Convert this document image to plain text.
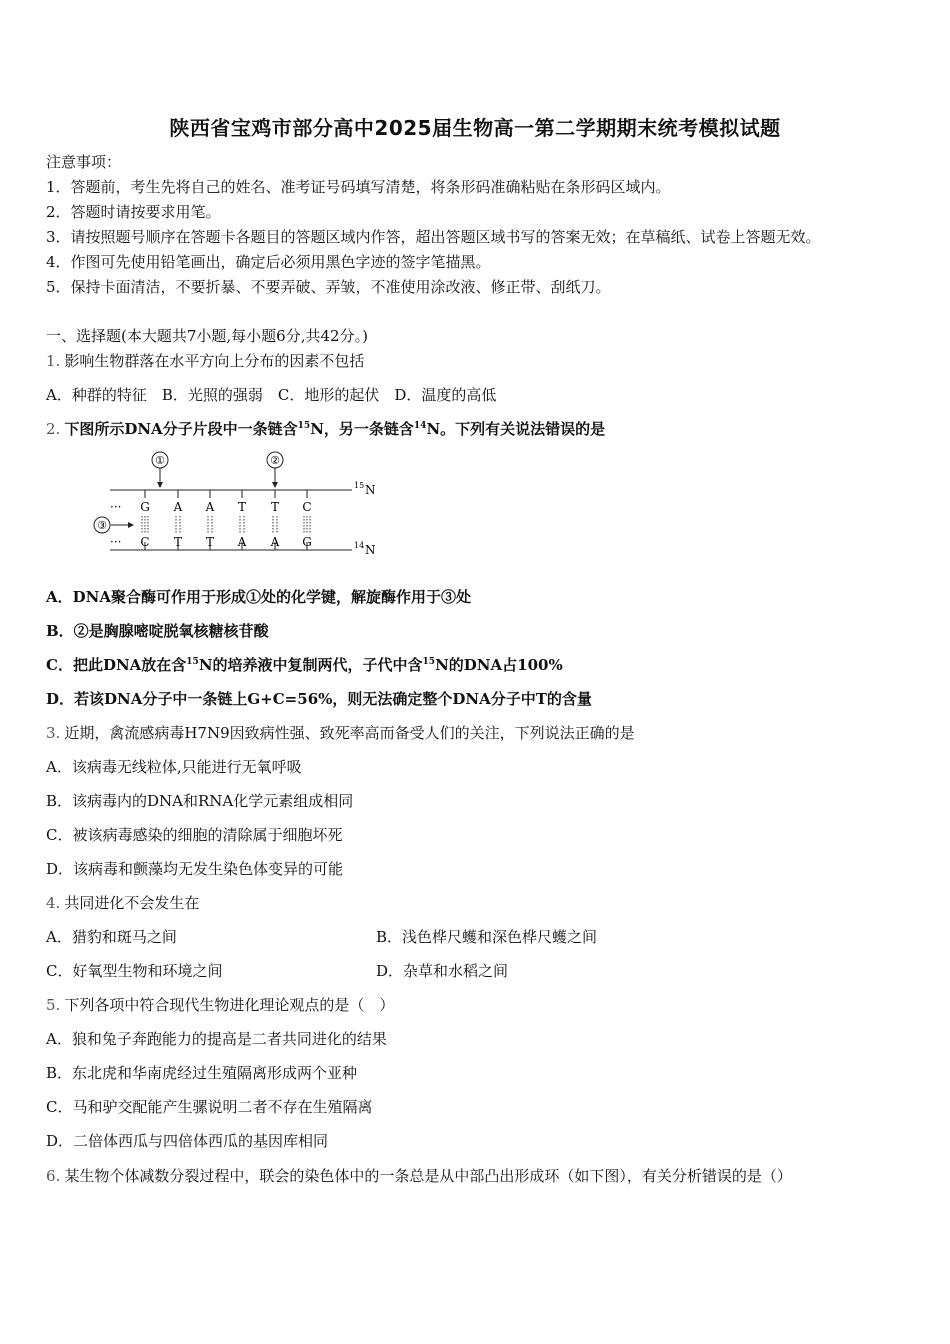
陕西省宝鸡市部分高中2025届生物高一第二学期期末统考模拟试题
注意事项：
1．答题前，考生先将自己的姓名、准考证号码填写清楚，将条形码准确粘贴在条形码区域内。
2．答题时请按要求用笔。
3．请按照题号顺序在答题卡各题目的答题区域内作答，超出答题区域书写的答案无效；在草稿纸、试卷上答题无效。
4．作图可先使用铅笔画出，确定后必须用黑色字迹的签字笔描黑。
5．保持卡面清洁，不要折暴、不要弄破、弄皱，不准使用涂改液、修正带、刮纸刀。
一、选择题(本大题共7小题,每小题6分,共42分。)
1. 影响生物群落在水平方向上分布的因素不包括
A．种群的特征　B．光照的强弱　C．地形的起伏　D．温度的高低
2. 下图所示DNA分子片段中一条链含$^{15}$N，另一条链含$^{14}$N。下列有关说法错误的是
①	②
③
···
···
G A A T T C
C T T A A G
15 N
14 N
A．DNA聚合酶可作用于形成①处的化学键，解旋酶作用于③处
B．②是胸腺嘧啶脱氧核糖核苷酸
C．把此DNA放在含$^{15}$N的培养液中复制两代，子代中含$^{15}$N的DNA占100%
D．若该DNA分子中一条链上G+C=56%，则无法确定整个DNA分子中T的含量
3. 近期，禽流感病毒H7N9因致病性强、致死率高而备受人们的关注，下列说法正确的是
A．该病毒无线粒体,只能进行无氧呼吸
B．该病毒内的DNA和RNA化学元素组成相同
C．被该病毒感染的细胞的清除属于细胞坏死
D．该病毒和颤藻均无发生染色体变异的可能
4. 共同进化不会发生在
A．猎豹和斑马之间	B．浅色桦尺蠖和深色桦尺蠖之间
C．好氧型生物和环境之间	D．杂草和水稻之间
5. 下列各项中符合现代生物进化理论观点的是（　）
A．狼和兔子奔跑能力的提高是二者共同进化的结果
B．东北虎和华南虎经过生殖隔离形成两个亚种
C．马和驴交配能产生骡说明二者不存在生殖隔离
D．二倍体西瓜与四倍体西瓜的基因库相同
6. 某生物个体减数分裂过程中，联会的染色体中的一条总是从中部凸出形成环（如下图），有关分析错误的是（）
